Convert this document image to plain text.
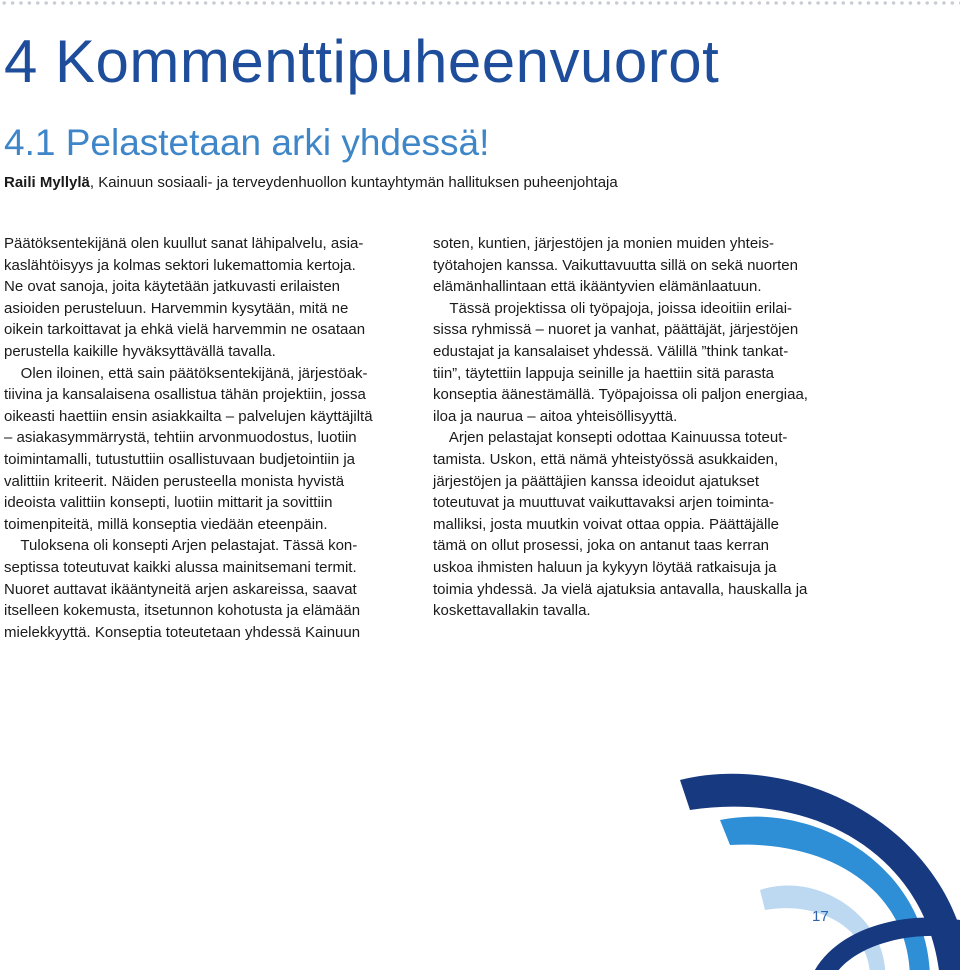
4 Kommenttipuheenvuorot
4.1 Pelastetaan arki yhdessä!
Raili Myllylä, Kainuun sosiaali- ja terveydenhuollon kuntayhtymän hallituksen puheenjohtaja
Päätöksentekijänä olen kuullut sanat lähipalvelu, asia-
kaslähtöisyys ja kolmas sektori lukemattomia kertoja.
Ne ovat sanoja, joita käytetään jatkuvasti erilaisten
asioiden perusteluun. Harvemmin kysytään, mitä ne
oikein tarkoittavat ja ehkä vielä harvemmin ne osataan
perustella kaikille hyväksyttävällä tavalla.
Olen iloinen, että sain päätöksentekijänä, järjestöak-
tiivina ja kansalaisena osallistua tähän projektiin, jossa
oikeasti haettiin ensin asiakkailta – palvelujen käyttäjiltä
– asiakasymmärrystä, tehtiin arvonmuodostus, luotiin
toimintamalli, tutustuttiin osallistuvaan budjetointiin ja
valittiin kriteerit. Näiden perusteella monista hyvistä
ideoista valittiin konsepti, luotiin mittarit ja sovittiin
toimenpiteitä, millä konseptia viedään eteenpäin.
Tuloksena oli konsepti Arjen pelastajat. Tässä kon-
septissa toteutuvat kaikki alussa mainitsemani termit.
Nuoret auttavat ikääntyneitä arjen askareissa, saavat
itselleen kokemusta, itsetunnon kohotusta ja elämään
mielekkyyttä. Konseptia toteutetaan yhdessä Kainuun
soten, kuntien, järjestöjen ja monien muiden yhteis-
työtahojen kanssa. Vaikuttavuutta sillä on sekä nuorten
elämänhallintaan että ikääntyvien elämänlaatuun.
Tässä projektissa oli työpajoja, joissa ideoitiin erilai-
sissa ryhmissä – nuoret ja vanhat, päättäjät, järjestöjen
edustajat ja kansalaiset yhdessä. Välillä ”think tankat-
tiin”, täytettiin lappuja seinille ja haettiin sitä parasta
konseptia äänestämällä. Työpajoissa oli paljon energiaa,
iloa ja naurua – aitoa yhteisöllisyyttä.
Arjen pelastajat konsepti odottaa Kainuussa toteut-
tamista. Uskon, että nämä yhteistyössä asukkaiden,
järjestöjen ja päättäjien kanssa ideoidut ajatukset
toteutuvat ja muuttuvat vaikuttavaksi arjen toiminta-
malliksi, josta muutkin voivat ottaa oppia. Päättäjälle
tämä on ollut prosessi, joka on antanut taas kerran
uskoa ihmisten haluun ja kykyyn löytää ratkaisuja ja
toimia yhdessä. Ja vielä ajatuksia antavalla, hauskalla ja
koskettavallakin tavalla.
17
